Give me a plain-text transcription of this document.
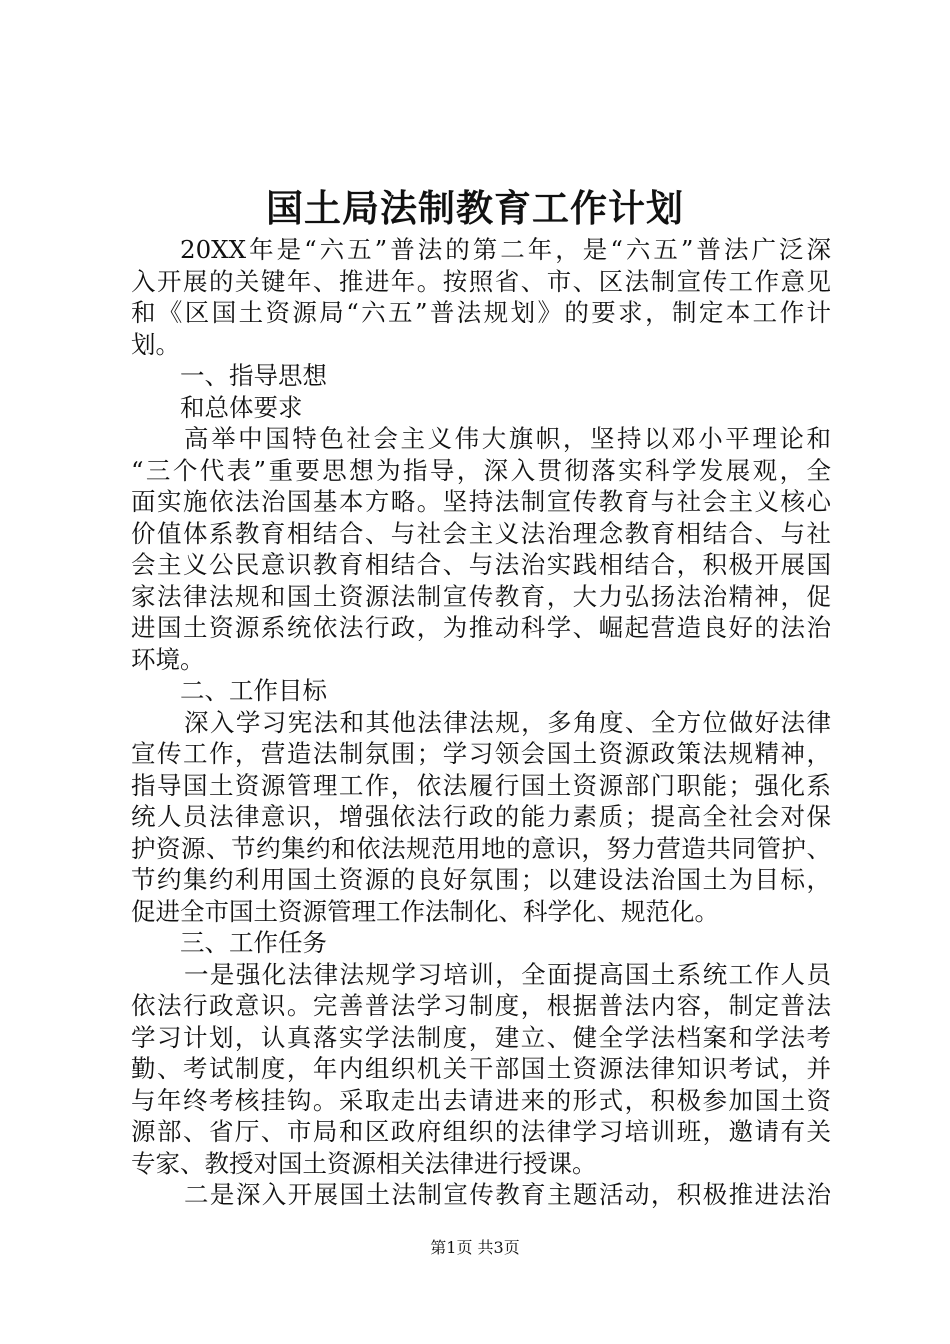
国土局法制教育工作计划
20XX年是“六五”普法的第二年，是“六五”普法广泛深
入开展的关键年、推进年。按照省、市、区法制宣传工作意见
和《区国土资源局“六五”普法规划》的要求，制定本工作计
划。
一、指导思想
和总体要求
高举中国特色社会主义伟大旗帜，坚持以邓小平理论和
“三个代表”重要思想为指导，深入贯彻落实科学发展观，全
面实施依法治国基本方略。坚持法制宣传教育与社会主义核心
价值体系教育相结合、与社会主义法治理念教育相结合、与社
会主义公民意识教育相结合、与法治实践相结合，积极开展国
家法律法规和国土资源法制宣传教育，大力弘扬法治精神，促
进国土资源系统依法行政，为推动科学、崛起营造良好的法治
环境。
二、工作目标
深入学习宪法和其他法律法规，多角度、全方位做好法律
宣传工作，营造法制氛围；学习领会国土资源政策法规精神，
指导国土资源管理工作，依法履行国土资源部门职能；强化系
统人员法律意识，增强依法行政的能力素质；提高全社会对保
护资源、节约集约和依法规范用地的意识，努力营造共同管护、
节约集约利用国土资源的良好氛围；以建设法治国土为目标，
促进全市国土资源管理工作法制化、科学化、规范化。
三、工作任务
一是强化法律法规学习培训，全面提高国土系统工作人员
依法行政意识。完善普法学习制度，根据普法内容，制定普法
学习计划，认真落实学法制度，建立、健全学法档案和学法考
勤、考试制度，年内组织机关干部国土资源法律知识考试，并
与年终考核挂钩。采取走出去请进来的形式，积极参加国土资
源部、省厅、市局和区政府组织的法律学习培训班，邀请有关
专家、教授对国土资源相关法律进行授课。
二是深入开展国土法制宣传教育主题活动，积极推进法治
第1页 共3页
